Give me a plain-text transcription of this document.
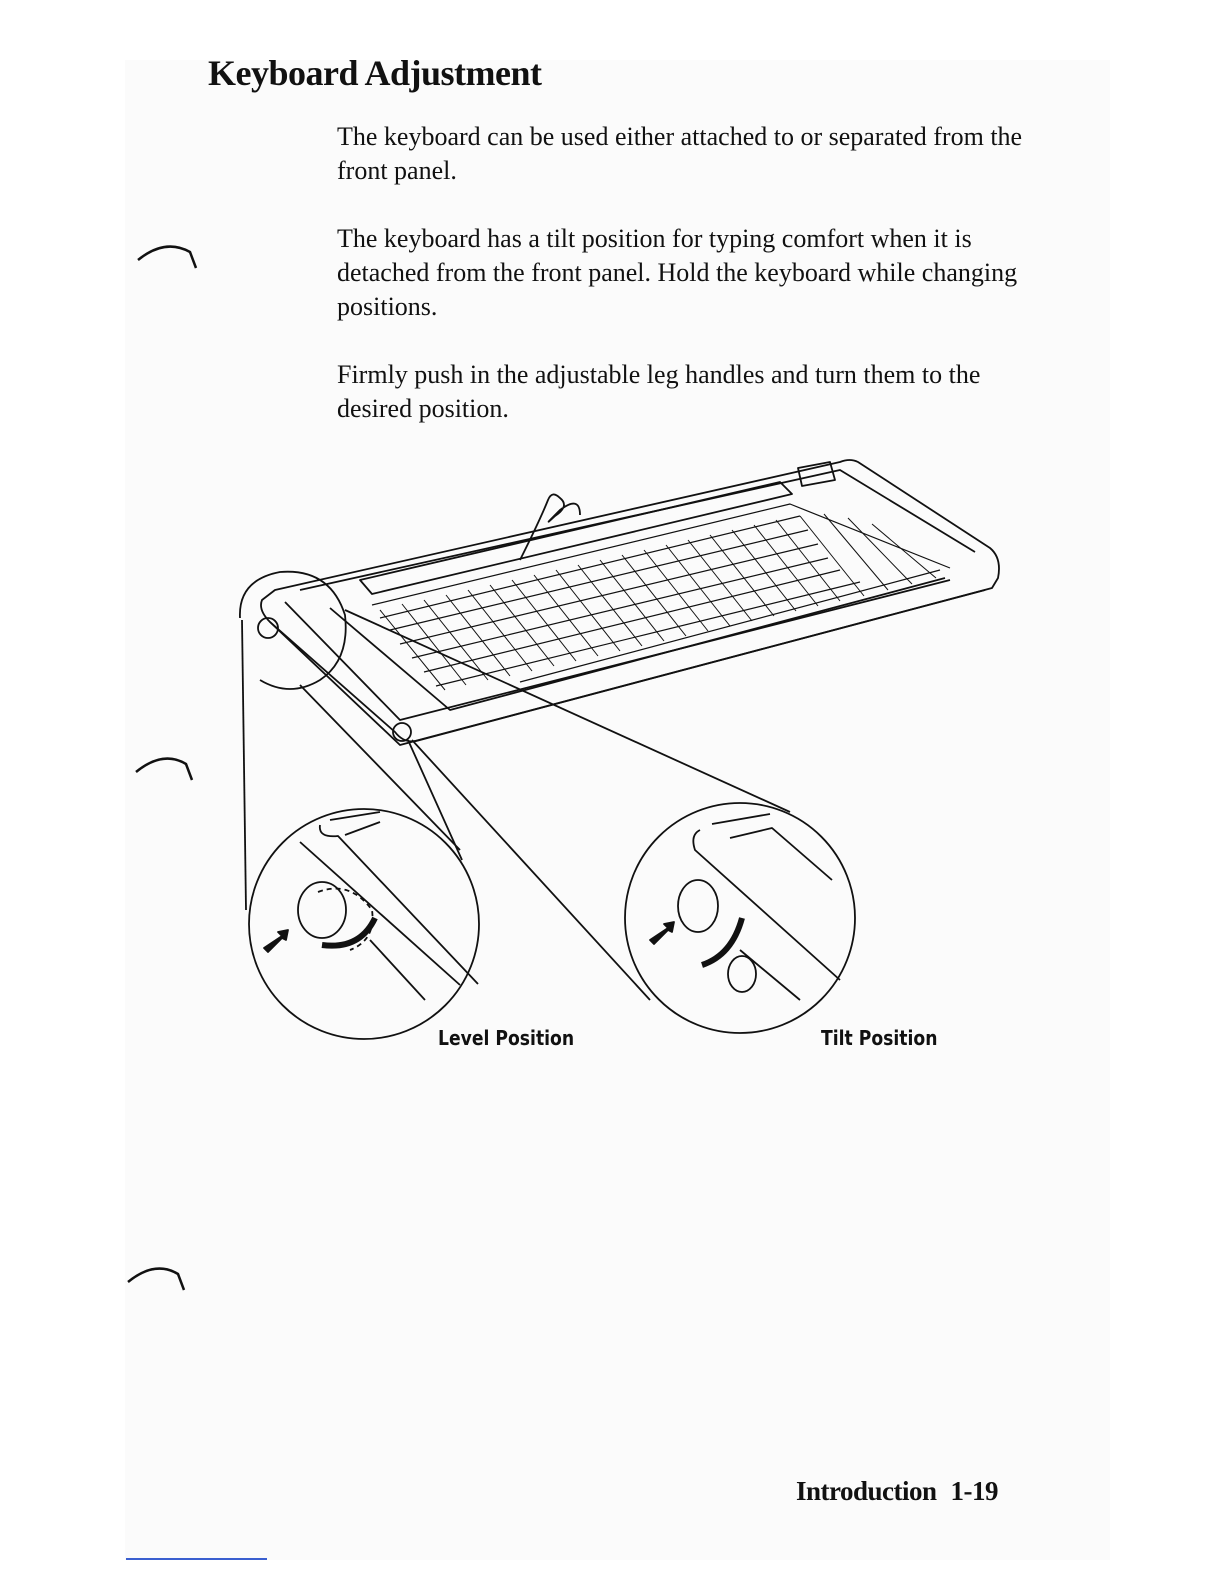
Keyboard Adjustment

The keyboard can be used either attached to or separated from the front panel.

The keyboard has a tilt position for typing comfort when it is detached from the front panel. Hold the keyboard while changing positions.

Firmly push in the adjustable leg handles and turn them to the desired position.

Level Position	Tilt Position
Introduction 1-19
